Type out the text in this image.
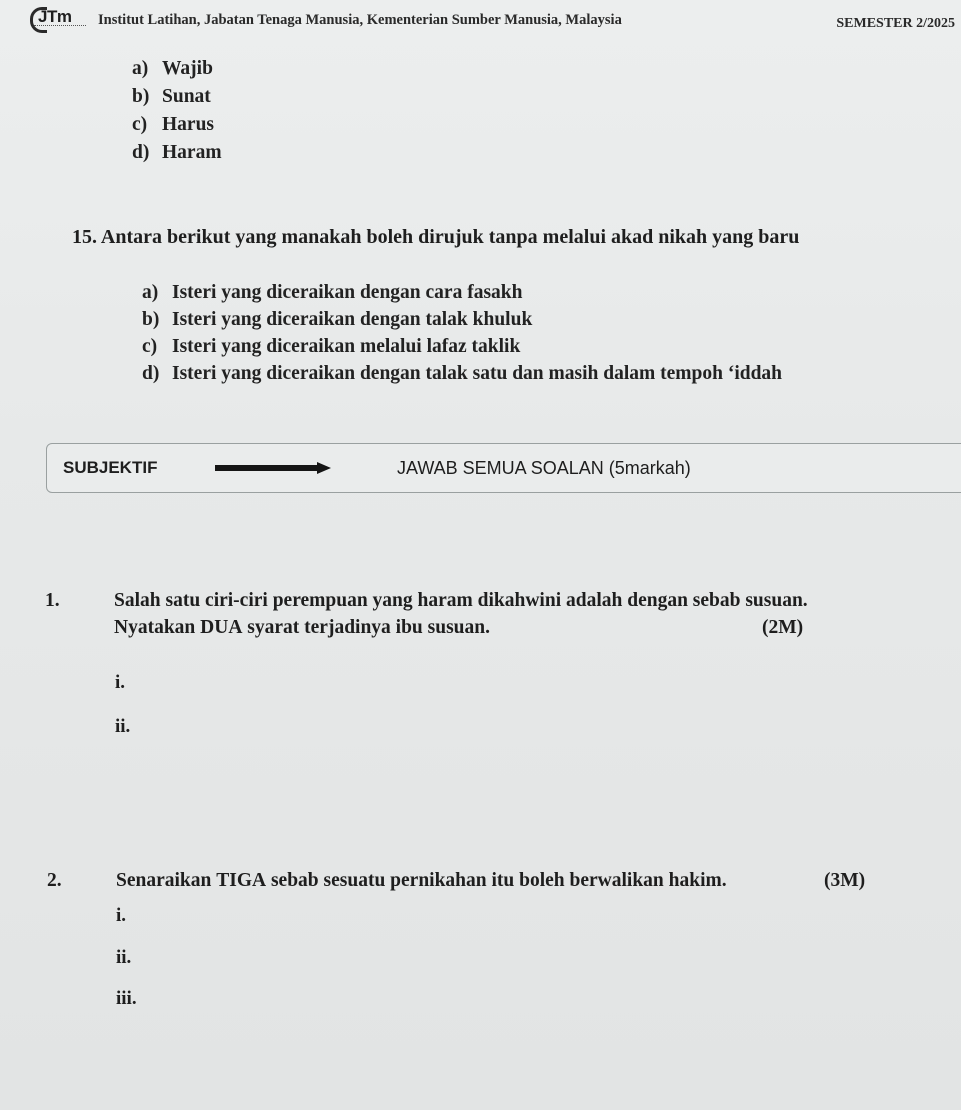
JTm Institut Latihan, Jabatan Tenaga Manusia, Kementerian Sumber Manusia, Malaysia	SEMESTER 2/2025
a) Wajib
b) Sunat
c) Harus
d) Haram
15. Antara berikut yang manakah boleh dirujuk tanpa melalui akad nikah yang baru
a) Isteri yang diceraikan dengan cara fasakh
b) Isteri yang diceraikan dengan talak khuluk
c) Isteri yang diceraikan melalui lafaz taklik
d) Isteri yang diceraikan dengan talak satu dan masih dalam tempoh ‘iddah
SUBJEKTIF	JAWAB SEMUA SOALAN (5markah)
1.	Salah satu ciri-ciri perempuan yang haram dikahwini adalah dengan sebab susuan.
Nyatakan DUA syarat terjadinya ibu susuan.	(2M)
i.
ii.
2.	Senaraikan TIGA sebab sesuatu pernikahan itu boleh berwalikan hakim.	(3M)
i.
ii.
iii.
